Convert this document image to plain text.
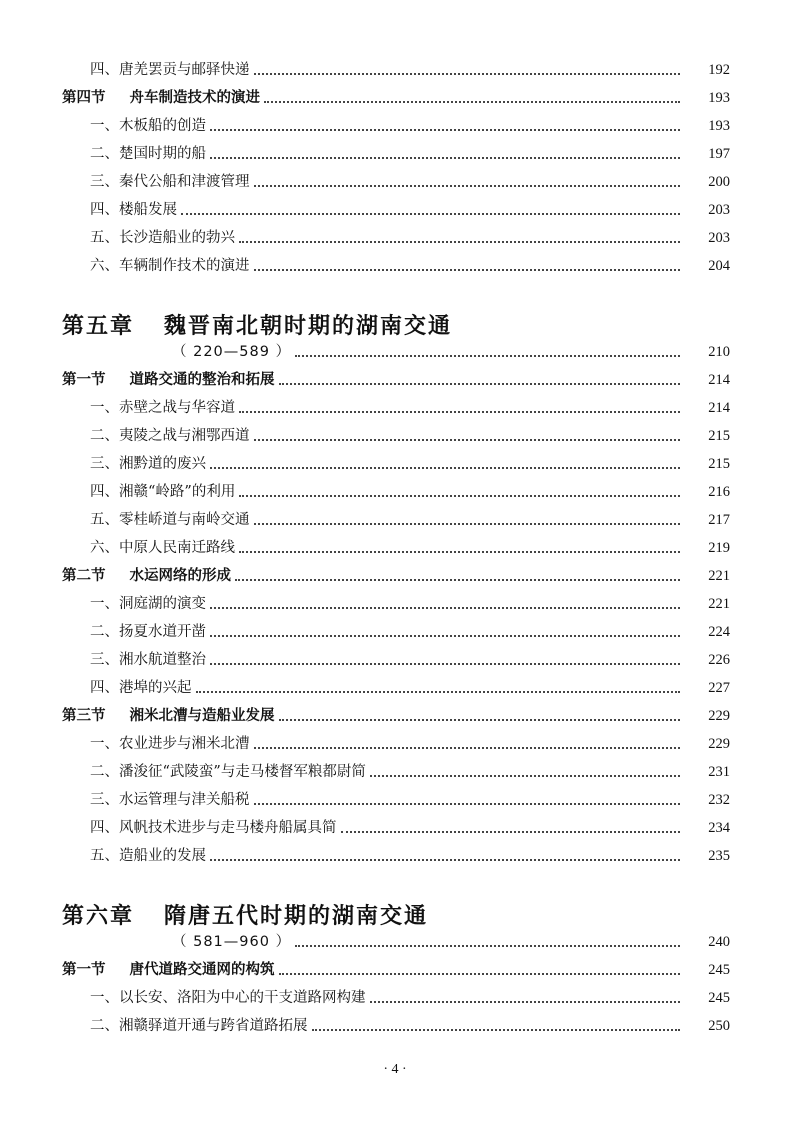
四、唐羌罢贡与邮驿快递	192
第四节 舟车制造技术的演进	193
一、木板船的创造	193
二、楚国时期的船	197
三、秦代公船和津渡管理	200
四、楼船发展	203
五、长沙造船业的勃兴	203
六、车辆制作技术的演进	204
第五章 魏晋南北朝时期的湖南交通
（ 220—589 ）	210
第一节 道路交通的整治和拓展	214
一、赤壁之战与华容道	214
二、夷陵之战与湘鄂西道	215
三、湘黔道的废兴	215
四、湘赣“岭路”的利用	216
五、零桂峤道与南岭交通	217
六、中原人民南迁路线	219
第二节 水运网络的形成	221
一、洞庭湖的演变	221
二、扬夏水道开凿	224
三、湘水航道整治	226
四、港埠的兴起	227
第三节 湘米北漕与造船业发展	229
一、农业进步与湘米北漕	229
二、潘浚征“武陵蛮”与走马楼督军粮都尉简	231
三、水运管理与津关船税	232
四、风帆技术进步与走马楼舟船属具简	234
五、造船业的发展	235
第六章 隋唐五代时期的湖南交通
（ 581—960 ）	240
第一节 唐代道路交通网的构筑	245
一、以长安、洛阳为中心的干支道路网构建	245
二、湘赣驿道开通与跨省道路拓展	250
· 4 ·
